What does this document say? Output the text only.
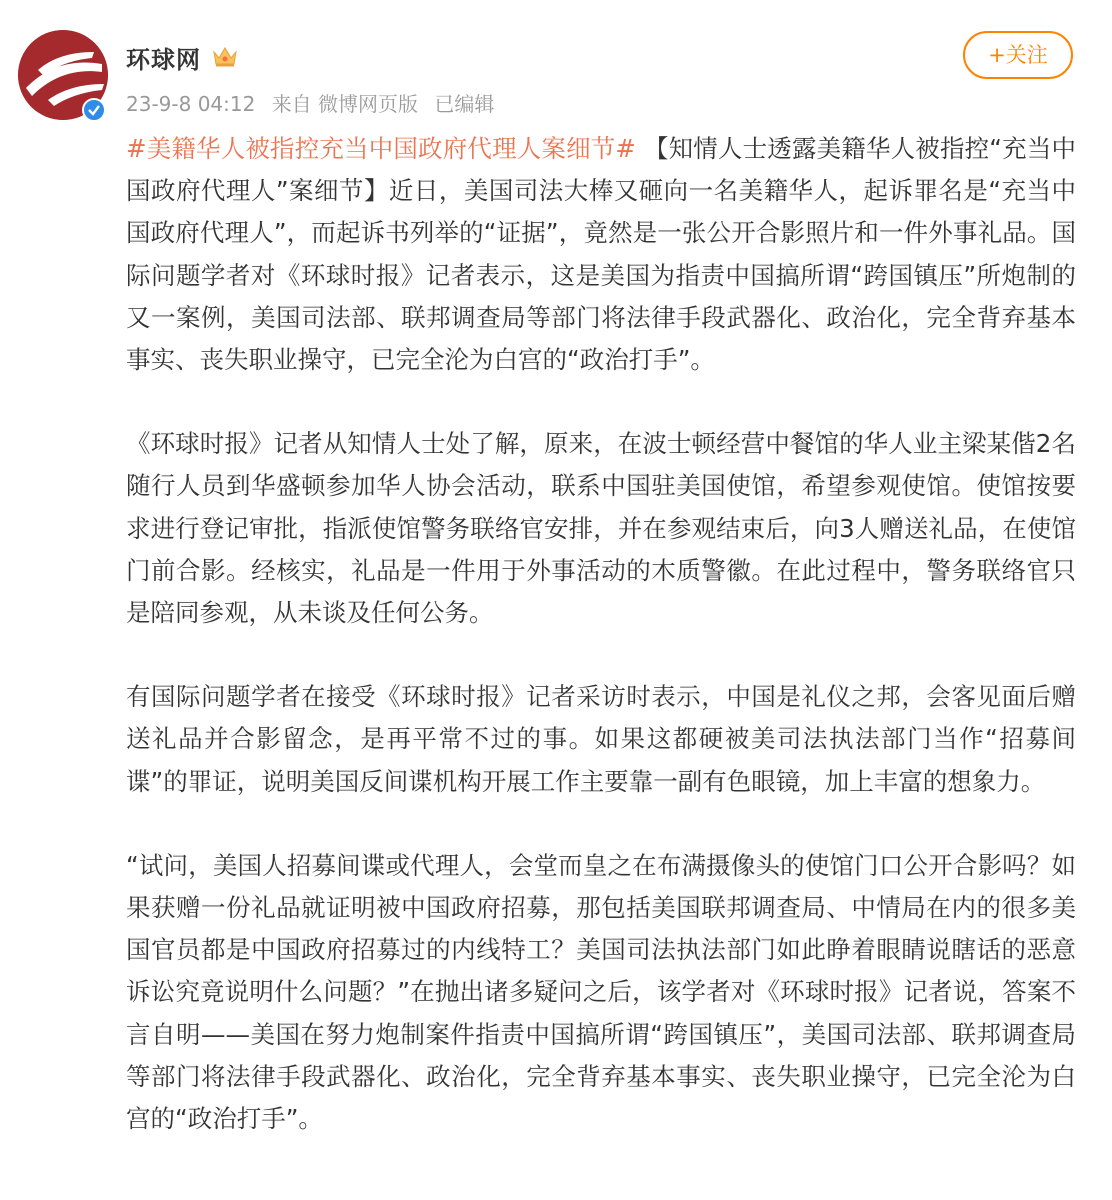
环球网
23-9-8 04:12 来自 微博网页版 已编辑
+关注

#美籍华人被指控充当中国政府代理人案细节# 【知情人士透露美籍华人被指控“充当中国政府代理人”案细节】近日，美国司法大棒又砸向一名美籍华人，起诉罪名是“充当中国政府代理人”，而起诉书列举的“证据”，竟然是一张公开合影照片和一件外事礼品。国际问题学者对《环球时报》记者表示，这是美国为指责中国搞所谓“跨国镇压”所炮制的又一案例，美国司法部、联邦调查局等部门将法律手段武器化、政治化，完全背弃基本事实、丧失职业操守，已完全沦为白宫的“政治打手”。

《环球时报》记者从知情人士处了解，原来，在波士顿经营中餐馆的华人业主梁某偕2名随行人员到华盛顿参加华人协会活动，联系中国驻美国使馆，希望参观使馆。使馆按要求进行登记审批，指派使馆警务联络官安排，并在参观结束后，向3人赠送礼品，在使馆门前合影。经核实，礼品是一件用于外事活动的木质警徽。在此过程中，警务联络官只是陪同参观，从未谈及任何公务。

有国际问题学者在接受《环球时报》记者采访时表示，中国是礼仪之邦，会客见面后赠送礼品并合影留念，是再平常不过的事。如果这都硬被美司法执法部门当作“招募间谍”的罪证，说明美国反间谍机构开展工作主要靠一副有色眼镜，加上丰富的想象力。

“试问，美国人招募间谍或代理人，会堂而皇之在布满摄像头的使馆门口公开合影吗？如果获赠一份礼品就证明被中国政府招募，那包括美国联邦调查局、中情局在内的很多美国官员都是中国政府招募过的内线特工？美国司法执法部门如此睁着眼睛说瞎话的恶意诉讼究竟说明什么问题？”在抛出诸多疑问之后，该学者对《环球时报》记者说，答案不言自明——美国在努力炮制案件指责中国搞所谓“跨国镇压”，美国司法部、联邦调查局等部门将法律手段武器化、政治化，完全背弃基本事实、丧失职业操守，已完全沦为白宫的“政治打手”。
